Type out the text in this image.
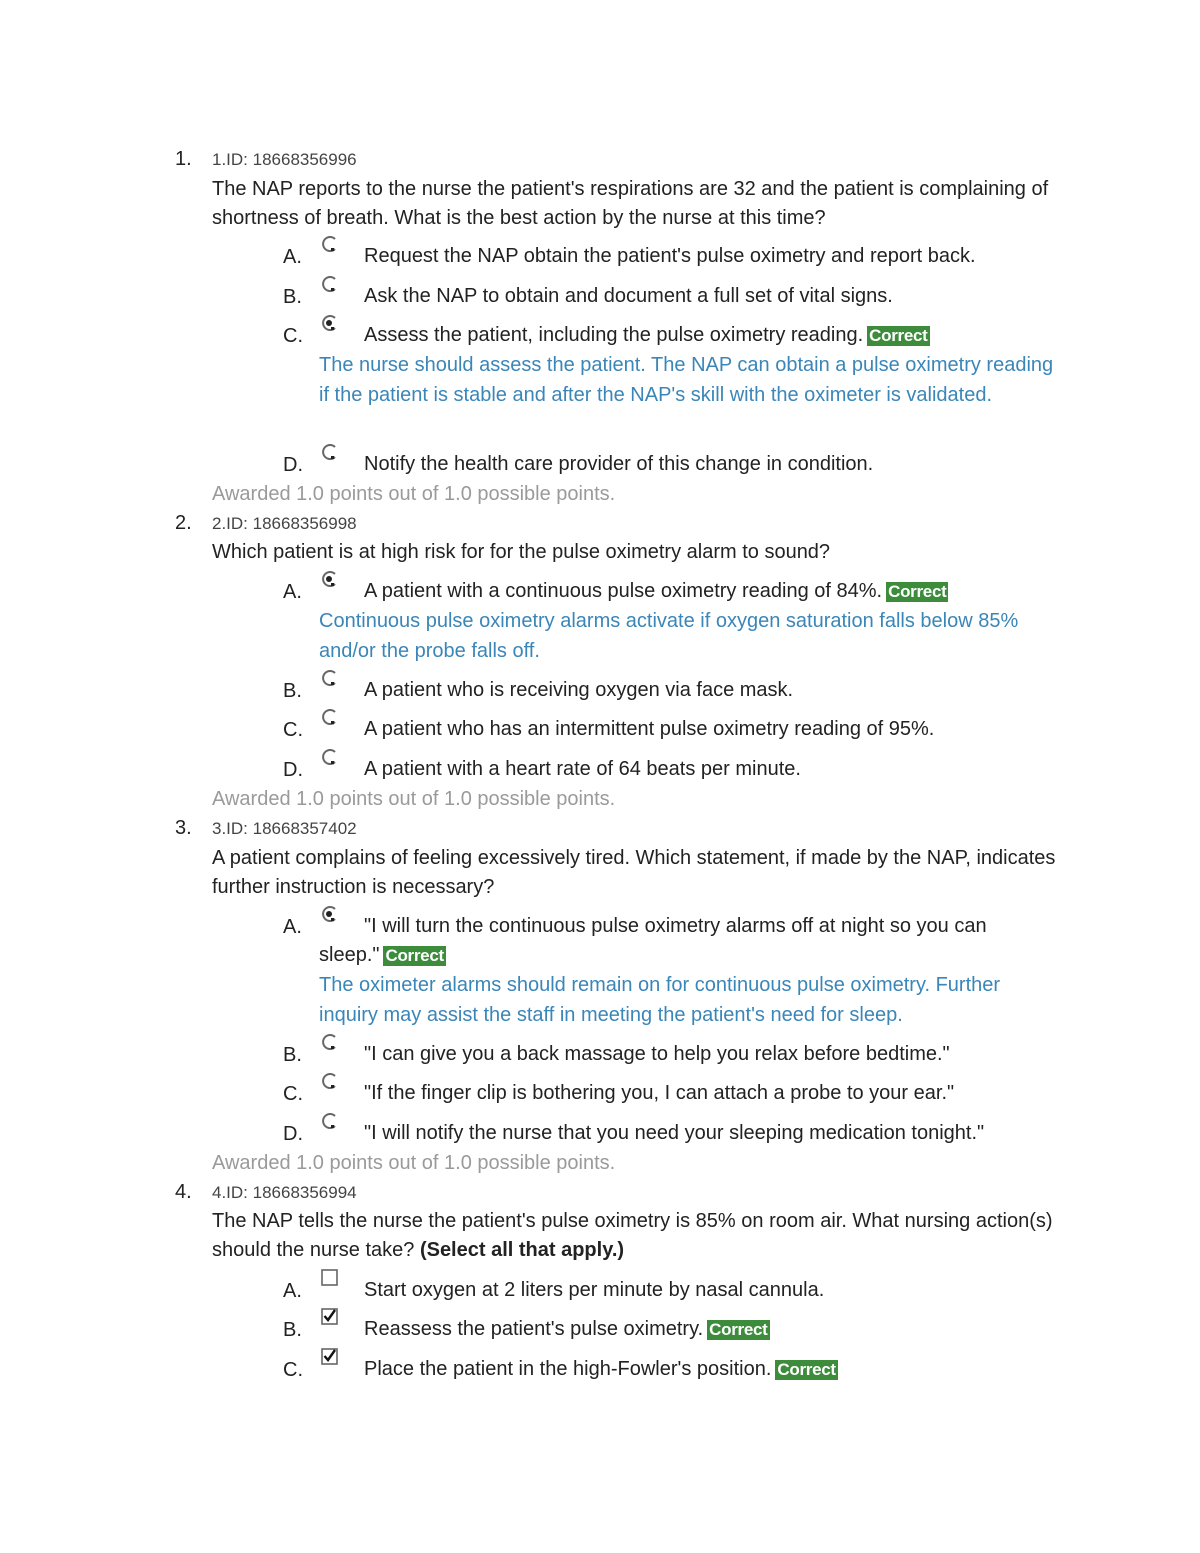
1. 1.ID: 18668356996
The NAP reports to the nurse the patient's respirations are 32 and the patient is complaining of shortness of breath. What is the best action by the nurse at this time?
A.	Request the NAP obtain the patient's pulse oximetry and report back.
B.	Ask the NAP to obtain and document a full set of vital signs.
C.	Assess the patient, including the pulse oximetry reading. Correct
The nurse should assess the patient. The NAP can obtain a pulse oximetry reading if the patient is stable and after the NAP's skill with the oximeter is validated.
D.	Notify the health care provider of this change in condition.
Awarded 1.0 points out of 1.0 possible points.
2. 2.ID: 18668356998
Which patient is at high risk for for the pulse oximetry alarm to sound?
A.	A patient with a continuous pulse oximetry reading of 84%. Correct
Continuous pulse oximetry alarms activate if oxygen saturation falls below 85% and/or the probe falls off.
B.	A patient who is receiving oxygen via face mask.
C.	A patient who has an intermittent pulse oximetry reading of 95%.
D.	A patient with a heart rate of 64 beats per minute.
Awarded 1.0 points out of 1.0 possible points.
3. 3.ID: 18668357402
A patient complains of feeling excessively tired. Which statement, if made by the NAP, indicates further instruction is necessary?
A.	"I will turn the continuous pulse oximetry alarms off at night so you can sleep." Correct
The oximeter alarms should remain on for continuous pulse oximetry. Further inquiry may assist the staff in meeting the patient's need for sleep.
B.	"I can give you a back massage to help you relax before bedtime."
C.	"If the finger clip is bothering you, I can attach a probe to your ear."
D.	"I will notify the nurse that you need your sleeping medication tonight."
Awarded 1.0 points out of 1.0 possible points.
4. 4.ID: 18668356994
The NAP tells the nurse the patient's pulse oximetry is 85% on room air. What nursing action(s) should the nurse take? (Select all that apply.)
A.	Start oxygen at 2 liters per minute by nasal cannula.
B.	Reassess the patient's pulse oximetry. Correct
C.	Place the patient in the high-Fowler's position. Correct
